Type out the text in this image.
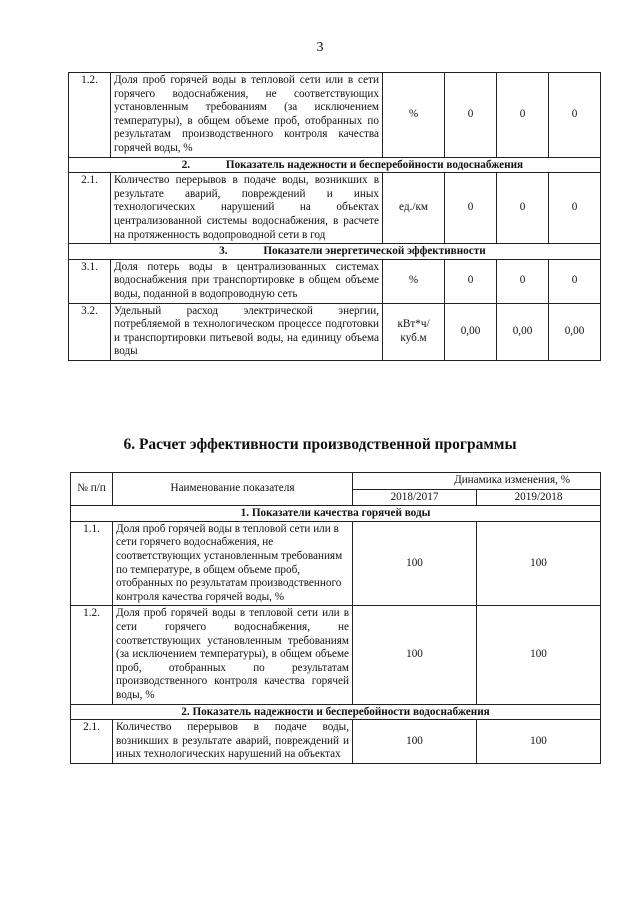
3
1.2.	Доля проб горячей воды в тепловой сети или в сети горячего водоснабжения, не соответствующих установленным требованиям (за исключением температуры), в общем объеме проб, отобранных по результатам производственного контроля качества горячей воды, %	%	0	0	0
2. Показатель надежности и бесперебойности водоснабжения					
2.1.	Количество перерывов в подаче воды, возникших в результате аварий, повреждений и иных технологических нарушений на объектах централизованной системы водоснабжения, в расчете на протяженность водопроводной сети в год	ед./км	0	0	0
3. Показатели энергетической эффективности					
3.1.	Доля потерь воды в централизованных системах водоснабжения при транспортировке в общем объеме воды, поданной в водопроводную сеть	%	0	0	0
3.2.	Удельный расход электрической энергии, потребляемой в технологическом процессе подготовки и транспортировки питьевой воды, на единицу объема воды	кВт*ч/ куб.м	0,00	0,00	0,00
6. Расчет эффективности производственной программы
№ п/п	Наименование показателя	Динамика изменения, %	
		2018/2017	2019/2018
1. Показатели качества горячей воды			
1.1.	Доля проб горячей воды в тепловой сети или в сети горячего водоснабжения, не соответствующих установленным требованиям по температуре, в общем объеме проб, отобранных по результатам производственного контроля качества горячей воды, %	100	100
1.2.	Доля проб горячей воды в тепловой сети или в сети горячего водоснабжения, не соответствующих установленным требованиям (за исключением температуры), в общем объеме проб, отобранных по результатам производственного контроля качества горячей воды, %	100	100
2. Показатель надежности и бесперебойности водоснабжения			
2.1.	Количество перерывов в подаче воды, возникших в результате аварий, повреждений и иных технологических нарушений на объектах	100	100
